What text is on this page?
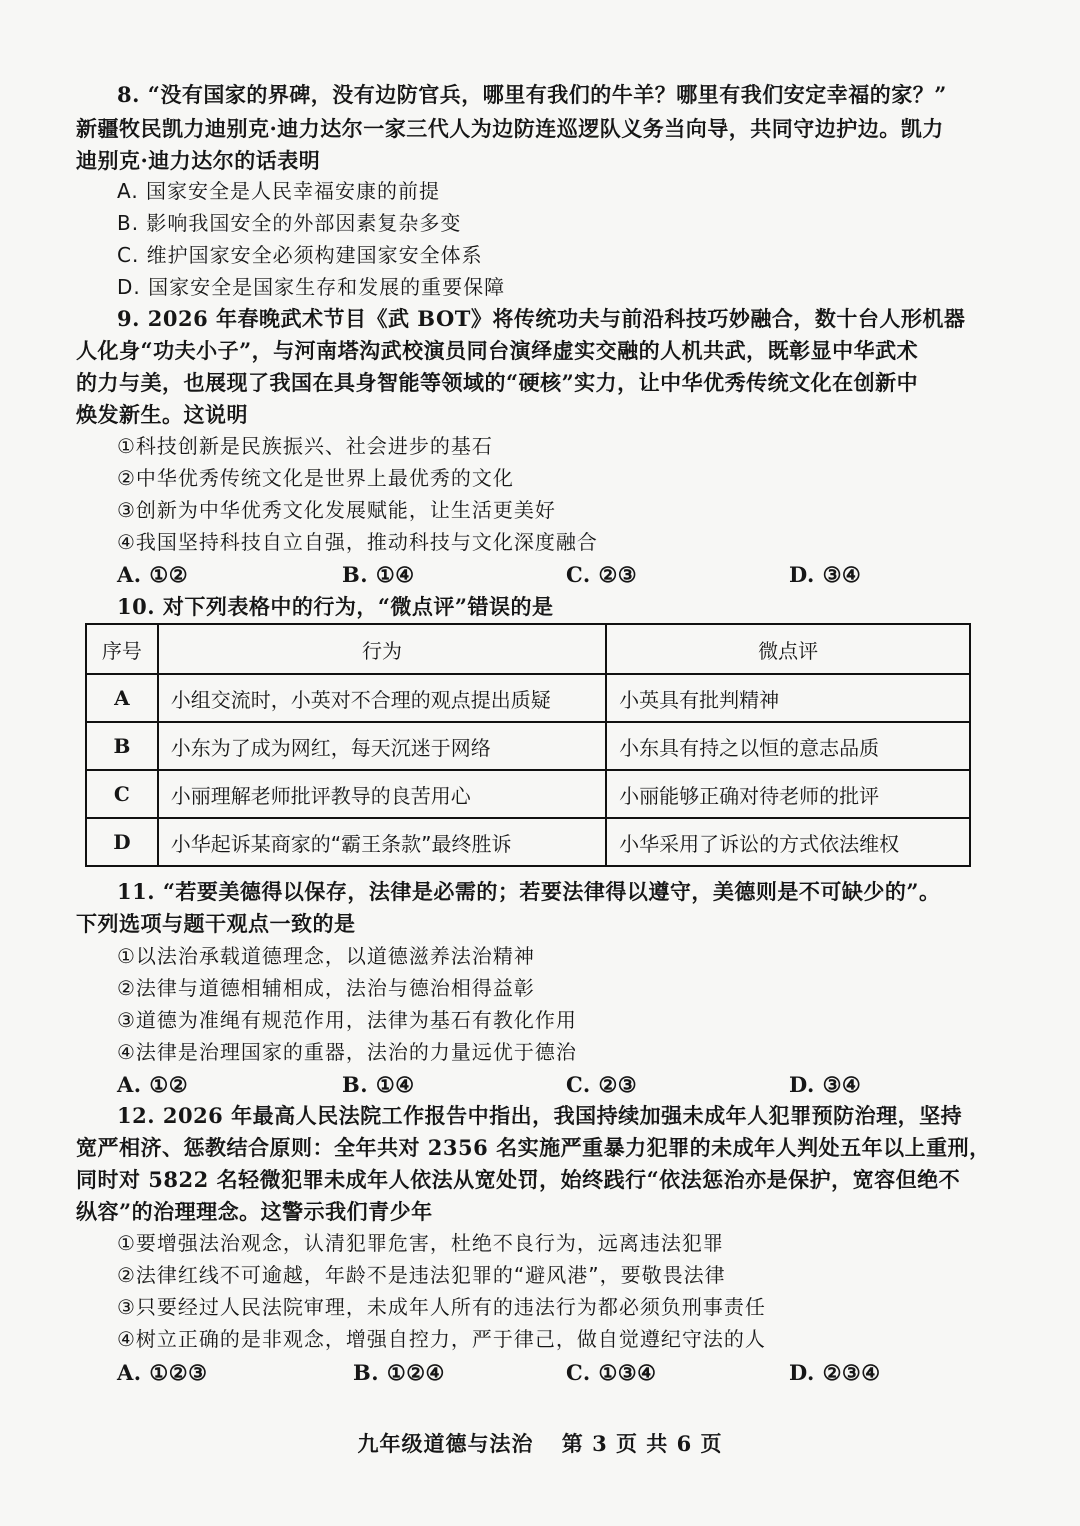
8. “没有国家的界碑，没有边防官兵，哪里有我们的牛羊？哪里有我们安定幸福的家？”
新疆牧民凯力迪别克·迪力达尔一家三代人为边防连巡逻队义务当向导，共同守边护边。凯力
迪别克·迪力达尔的话表明
A. 国家安全是人民幸福安康的前提
B. 影响我国安全的外部因素复杂多变
C. 维护国家安全必须构建国家安全体系
D. 国家安全是国家生存和发展的重要保障
9. 2026 年春晚武术节目《武 BOT》将传统功夫与前沿科技巧妙融合，数十台人形机器
人化身“功夫小子”，与河南塔沟武校演员同台演绎虚实交融的人机共武，既彰显中华武术
的力与美，也展现了我国在具身智能等领域的“硬核”实力，让中华优秀传统文化在创新中
焕发新生。这说明
①科技创新是民族振兴、社会进步的基石
②中华优秀传统文化是世界上最优秀的文化
③创新为中华优秀文化发展赋能，让生活更美好
④我国坚持科技自立自强，推动科技与文化深度融合
A. ①②	B. ①④	C. ②③	D. ③④
10. 对下列表格中的行为，“微点评”错误的是
序号	行为	微点评
A	小组交流时，小英对不合理的观点提出质疑	小英具有批判精神
B	小东为了成为网红，每天沉迷于网络	小东具有持之以恒的意志品质
C	小丽理解老师批评教导的良苦用心	小丽能够正确对待老师的批评
D	小华起诉某商家的“霸王条款”最终胜诉	小华采用了诉讼的方式依法维权
11. “若要美德得以保存，法律是必需的；若要法律得以遵守，美德则是不可缺少的”。
下列选项与题干观点一致的是
①以法治承载道德理念，以道德滋养法治精神
②法律与道德相辅相成，法治与德治相得益彰
③道德为准绳有规范作用，法律为基石有教化作用
④法律是治理国家的重器，法治的力量远优于德治
A. ①②	B. ①④	C. ②③	D. ③④
12. 2026 年最高人民法院工作报告中指出，我国持续加强未成年人犯罪预防治理，坚持
宽严相济、惩教结合原则：全年共对 2356 名实施严重暴力犯罪的未成年人判处五年以上重刑，
同时对 5822 名轻微犯罪未成年人依法从宽处罚，始终践行“依法惩治亦是保护，宽容但绝不
纵容”的治理理念。这警示我们青少年
①要增强法治观念，认清犯罪危害，杜绝不良行为，远离违法犯罪
②法律红线不可逾越，年龄不是违法犯罪的“避风港”，要敬畏法律
③只要经过人民法院审理，未成年人所有的违法行为都必须负刑事责任
④树立正确的是非观念，增强自控力，严于律己，做自觉遵纪守法的人
A. ①②③	B. ①②④	C. ①③④	D. ②③④
九年级道德与法治 第 3 页 共 6 页
